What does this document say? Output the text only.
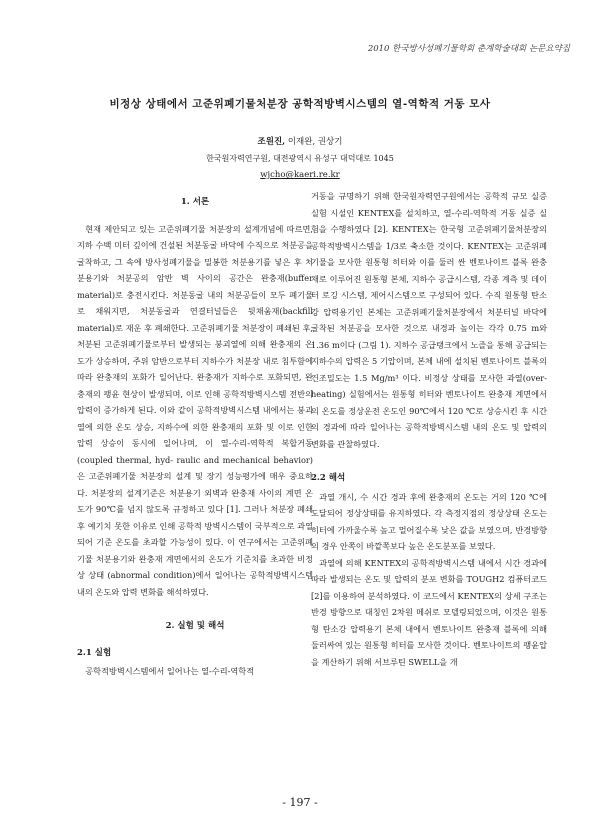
2010 한국방사성폐기물학회 춘계학술대회 논문요약집
비정상 상태에서 고준위폐기물처분장 공학적방벽시스템의 열-역학적 거동 모사
조원진, 이재완, 권상기
한국원자력연구원, 대전광역시 유성구 대덕대로 1045
wjcho@kaeri.re.kr
1. 서론

현재 제안되고 있는 고준위폐기물 처분장의 설계개념에 따르면, 지하 수백 미터 깊이에 건설된 처분동굴 바닥에 수직으로 처분공을 굴착하고, 그 속에 방사성폐기물을 밀봉한 처분용기를 넣은 후 처분용기와 처분공의 암반 벽 사이의 공간은 완충재(buffer material)로 충전시킨다. 처분동굴 내의 처분공들이 모두 폐기물로 채워지면, 처분동굴과 연결터널들은 뒷채움재(backfill material)로 재운 후 폐쇄한다. 고준위폐기물 처분장이 폐쇄된 후, 처분된 고준위폐기물로부터 발생되는 붕괴열에 의해 완충재의 온도가 상승하며, 주위 암반으로부터 지하수가 처분장 내로 침투함에 따라 완충재의 포화가 일어난다. 완충재가 지하수로 포화되면, 완충재의 팽윤 현상이 발생되며, 이로 인해 공학적방벽시스템 전반의 압력이 증가하게 된다. 이와 같이 공학적방벽시스템 내에서는 붕괴열에 의한 온도 상승, 지하수에 의한 완충재의 포화 및 이로 인한 압력 상승이 동시에 일어나며, 이 열-수리-역학적 복합거동(coupled thermal, hyd- raulic and mechanical behavior)은 고준위폐기물 처분장의 설계 및 장기 성능평가에 매우 중요하다. 처분장의 설계기준은 처분용기 외벽과 완충재 사이의 계면 온도가 90℃를 넘지 않도록 규정하고 있다 [1]. 그러나 처분장 폐쇄 후 예기치 못한 이유로 인해 공학적 방벽시스템이 국부적으로 과열되어 기준 온도를 초과할 가능성이 있다. 이 연구에서는 고준위폐기물 처분용기와 완충재 계면에서의 온도가 기준치를 초과한 비정상 상태 (abnormal condition)에서 일어나는 공학적방벽시스템 내의 온도와 압력 변화를 해석하였다.

2. 실험 및 해석
2.1 실험

공학적방벽시스템에서 일어나는 열-수리-역학적

거동을 규명하기 위해 한국원자력연구원에서는 공학적 규모 실증실험 시설인 KENTEX를 설치하고, 열-수리-역학적 거동 실증 실험을 수행하였다 [2]. KENTEX는 한국형 고준위폐기물처분장의 공학적방벽시스템을 1/3로 축소한 것이다. KENTEX는 고준위폐기물을 모사한 원통형 히터와 이를 둘러 싼 벤토나이트 블록 완충재로 이루어진 원통형 본체, 지하수 공급시스템, 각종 계측 및 데이터 로깅 시스템, 제어시스템으로 구성되어 있다. 수직 원통형 탄소강 압력용기인 본체는 고준위폐기물처분장에서 처분터널 바닥에 굴착된 처분공을 모사한 것으로 내경과 높이는 각각 0.75 m와 1.36 m이다 (그림 1). 지하수 공급탱크에서 노즐을 통해 공급되는 지하수의 압력은 5 기압이며, 본체 내에 설치된 벤토나이트 블록의 건조밀도는 1.5 Mg/m³ 이다. 비정상 상태를 모사한 과열(over-heating) 실험에서는 원통형 히터와 벤토나이트 완충재 계면에서의 온도를 정상운전 온도인 90℃에서 120 ℃로 상승시킨 후 시간의 경과에 따라 일어나는 공학적방벽시스템 내의 온도 및 압력의 변화를 관찰하였다.

2.2 해석

과열 개시, 수 시간 경과 후에 완충재의 온도는 거의 120 ℃에 도달되어 정상상태를 유지하였다. 각 측정지점의 정상상태 온도는 히터에 가까울수록 높고 멀어질수록 낮은 값을 보였으며, 반경방향의 경우 안쪽이 바깥쪽보다 높은 온도분포를 보였다.

과열에 의해 KENTEX의 공학적방벽시스템 내에서 시간 경과에 따라 발생되는 온도 및 압력의 분포 변화를 TOUGH2 컴퓨터코드[2]를 이용하여 분석하였다. 이 코드에서 KENTEX의 상세 구조는 반경 방향으로 대칭인 2차원 메쉬로 모델링되었으며, 이것은 원통형 탄소강 압력용기 본체 내에서 벤토나이트 완충재 블록에 의해 둘러싸여 있는 원통형 히터를 모사한 것이다. 벤토나이트의 팽윤압을 계산하기 위해 서브루틴 SWELL을 개

- 197 -
